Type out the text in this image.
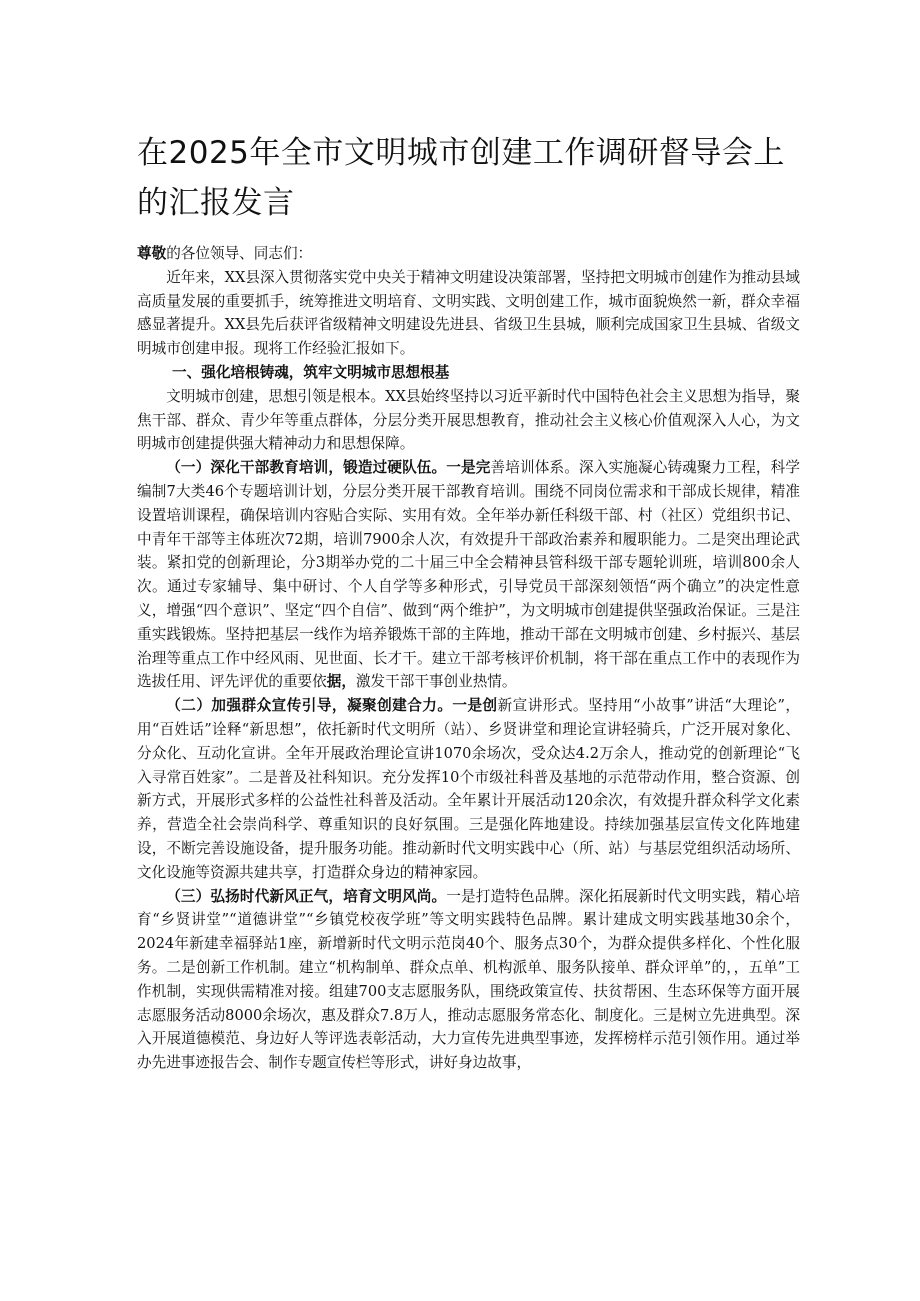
在2025年全市文明城市创建工作调研督导会上的汇报发言

尊敬的各位领导、同志们：

近年来，XX县深入贯彻落实党中央关于精神文明建设决策部署，坚持把文明城市创建作为推动县域高质量发展的重要抓手，统筹推进文明培育、文明实践、文明创建工作，城市面貌焕然一新，群众幸福感显著提升。XX县先后获评省级精神文明建设先进县、省级卫生县城，顺利完成国家卫生县城、省级文明城市创建申报。现将工作经验汇报如下。

一、强化培根铸魂，筑牢文明城市思想根基

文明城市创建，思想引领是根本。XX县始终坚持以习近平新时代中国特色社会主义思想为指导，聚焦干部、群众、青少年等重点群体，分层分类开展思想教育，推动社会主义核心价值观深入人心，为文明城市创建提供强大精神动力和思想保障。

（一）深化干部教育培训，锻造过硬队伍。一是完善培训体系。深入实施凝心铸魂聚力工程，科学编制7大类46个专题培训计划，分层分类开展干部教育培训。围绕不同岗位需求和干部成长规律，精准设置培训课程，确保培训内容贴合实际、实用有效。全年举办新任科级干部、村（社区）党组织书记、中青年干部等主体班次72期，培训7900余人次，有效提升干部政治素养和履职能力。二是突出理论武装。紧扣党的创新理论，分3期举办党的二十届三中全会精神县管科级干部专题轮训班，培训800余人次。通过专家辅导、集中研讨、个人自学等多种形式，引导党员干部深刻领悟“两个确立”的决定性意义，增强“四个意识”、坚定“四个自信”、做到“两个维护”，为文明城市创建提供坚强政治保证。三是注重实践锻炼。坚持把基层一线作为培养锻炼干部的主阵地，推动干部在文明城市创建、乡村振兴、基层治理等重点工作中经风雨、见世面、长才干。建立干部考核评价机制，将干部在重点工作中的表现作为选拔任用、评先评优的重要依据，激发干部干事创业热情。

（二）加强群众宣传引导，凝聚创建合力。一是创新宣讲形式。坚持用“小故事”讲活“大理论”，用“百姓话”诠释“新思想”，依托新时代文明所（站）、乡贤讲堂和理论宣讲轻骑兵，广泛开展对象化、分众化、互动化宣讲。全年开展政治理论宣讲1070余场次，受众达4.2万余人，推动党的创新理论“飞入寻常百姓家”。二是普及社科知识。充分发挥10个市级社科普及基地的示范带动作用，整合资源、创新方式，开展形式多样的公益性社科普及活动。全年累计开展活动120余次，有效提升群众科学文化素养，营造全社会崇尚科学、尊重知识的良好氛围。三是强化阵地建设。持续加强基层宣传文化阵地建设，不断完善设施设备，提升服务功能。推动新时代文明实践中心（所、站）与基层党组织活动场所、文化设施等资源共建共享，打造群众身边的精神家园。

（三）弘扬时代新风正气，培育文明风尚。一是打造特色品牌。深化拓展新时代文明实践，精心培育“乡贤讲堂”“道德讲堂”“乡镇党校夜学班”等文明实践特色品牌。累计建成文明实践基地30余个，2024年新建幸福驿站1座，新增新时代文明示范岗40个、服务点30个，为群众提供多样化、个性化服务。二是创新工作机制。建立“机构制单、群众点单、机构派单、服务队接单、群众评单”的，，五单”工作机制，实现供需精准对接。组建700支志愿服务队，围绕政策宣传、扶贫帮困、生态环保等方面开展志愿服务活动8000余场次，惠及群众7.8万人，推动志愿服务常态化、制度化。三是树立先进典型。深入开展道德模范、身边好人等评选表彰活动，大力宣传先进典型事迹，发挥榜样示范引领作用。通过举办先进事迹报告会、制作专题宣传栏等形式，讲好身边故事，
